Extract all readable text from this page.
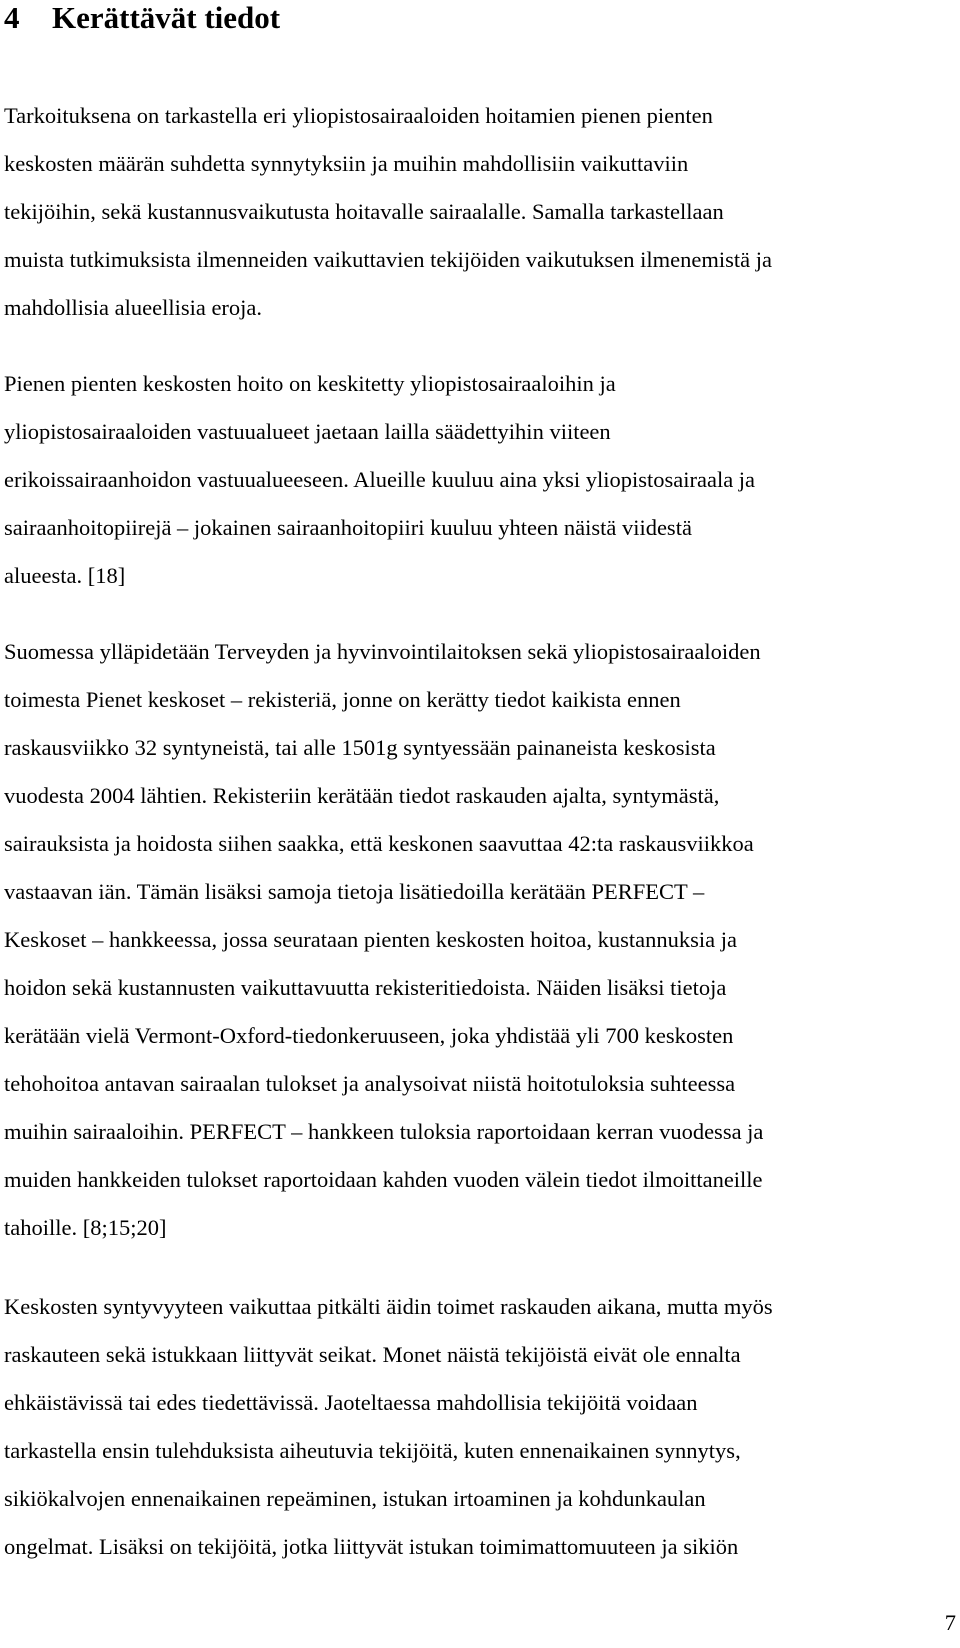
4 Kerättävät tiedot

Tarkoituksena on tarkastella eri yliopistosairaaloiden hoitamien pienen pienten
keskosten määrän suhdetta synnytyksiin ja muihin mahdollisiin vaikuttaviin
tekijöihin, sekä kustannusvaikutusta hoitavalle sairaalalle. Samalla tarkastellaan
muista tutkimuksista ilmenneiden vaikuttavien tekijöiden vaikutuksen ilmenemistä ja
mahdollisia alueellisia eroja.

Pienen pienten keskosten hoito on keskitetty yliopistosairaaloihin ja
yliopistosairaaloiden vastuualueet jaetaan lailla säädettyihin viiteen
erikoissairaanhoidon vastuualueeseen. Alueille kuuluu aina yksi yliopistosairaala ja
sairaanhoitopiirejä – jokainen sairaanhoitopiiri kuuluu yhteen näistä viidestä
alueesta. [18]

Suomessa ylläpidetään Terveyden ja hyvinvointilaitoksen sekä yliopistosairaaloiden
toimesta Pienet keskoset – rekisteriä, jonne on kerätty tiedot kaikista ennen
raskausviikko 32 syntyneistä, tai alle 1501g syntyessään painaneista keskosista
vuodesta 2004 lähtien. Rekisteriin kerätään tiedot raskauden ajalta, syntymästä,
sairauksista ja hoidosta siihen saakka, että keskonen saavuttaa 42:ta raskausviikkoa
vastaavan iän. Tämän lisäksi samoja tietoja lisätiedoilla kerätään PERFECT –
Keskoset – hankkeessa, jossa seurataan pienten keskosten hoitoa, kustannuksia ja
hoidon sekä kustannusten vaikuttavuutta rekisteritiedoista. Näiden lisäksi tietoja
kerätään vielä Vermont-Oxford-tiedonkeruuseen, joka yhdistää yli 700 keskosten
tehohoitoa antavan sairaalan tulokset ja analysoivat niistä hoitotuloksia suhteessa
muihin sairaaloihin. PERFECT – hankkeen tuloksia raportoidaan kerran vuodessa ja
muiden hankkeiden tulokset raportoidaan kahden vuoden välein tiedot ilmoittaneille
tahoille. [8;15;20]

Keskosten syntyvyyteen vaikuttaa pitkälti äidin toimet raskauden aikana, mutta myös
raskauteen sekä istukkaan liittyvät seikat. Monet näistä tekijöistä eivät ole ennalta
ehkäistävissä tai edes tiedettävissä. Jaoteltaessa mahdollisia tekijöitä voidaan
tarkastella ensin tulehduksista aiheutuvia tekijöitä, kuten ennenaikainen synnytys,
sikiökalvojen ennenaikainen repeäminen, istukan irtoaminen ja kohdunkaulan
ongelmat. Lisäksi on tekijöitä, jotka liittyvät istukan toimimattomuuteen ja sikiön

7
